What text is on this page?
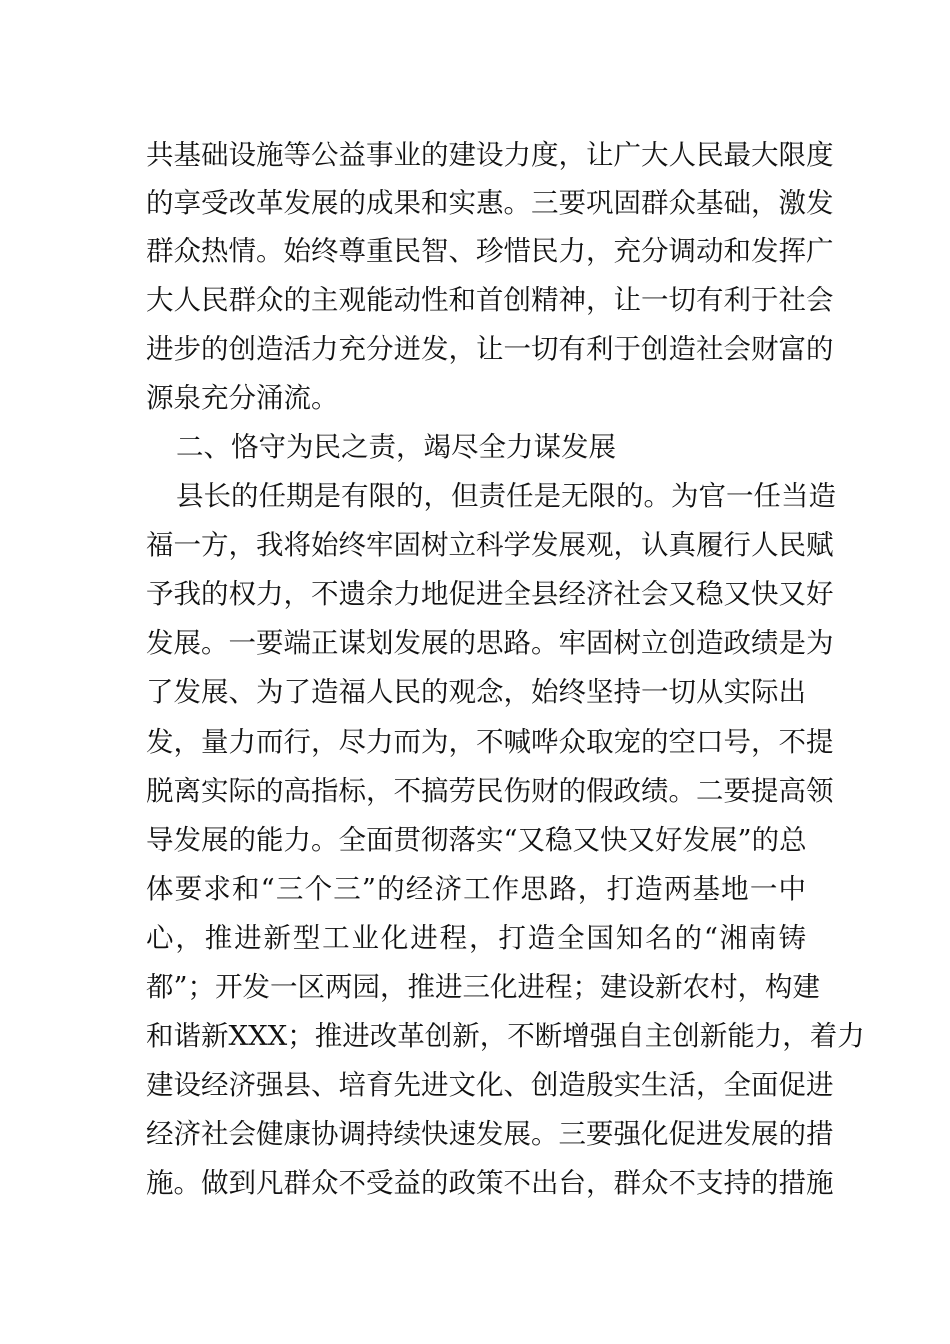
共基础设施等公益事业的建设力度，让广大人民最大限度
的享受改革发展的成果和实惠。三要巩固群众基础，激发
群众热情。始终尊重民智、珍惜民力，充分调动和发挥广
大人民群众的主观能动性和首创精神，让一切有利于社会
进步的创造活力充分迸发，让一切有利于创造社会财富的
源泉充分涌流。
二、恪守为民之责，竭尽全力谋发展
县长的任期是有限的，但责任是无限的。为官一任当造
福一方，我将始终牢固树立科学发展观，认真履行人民赋
予我的权力，不遗余力地促进全县经济社会又稳又快又好
发展。一要端正谋划发展的思路。牢固树立创造政绩是为
了发展、为了造福人民的观念，始终坚持一切从实际出
发，量力而行，尽力而为，不喊哗众取宠的空口号，不提
脱离实际的高指标，不搞劳民伤财的假政绩。二要提高领
导发展的能力。全面贯彻落实“又稳又快又好发展”的总
体要求和“三个三”的经济工作思路，打造两基地一中
心，推进新型工业化进程，打造全国知名的“湘南铸
都”；开发一区两园，推进三化进程；建设新农村，构建
和谐新XXX；推进改革创新，不断增强自主创新能力，着力
建设经济强县、培育先进文化、创造殷实生活，全面促进
经济社会健康协调持续快速发展。三要强化促进发展的措
施。做到凡群众不受益的政策不出台，群众不支持的措施
